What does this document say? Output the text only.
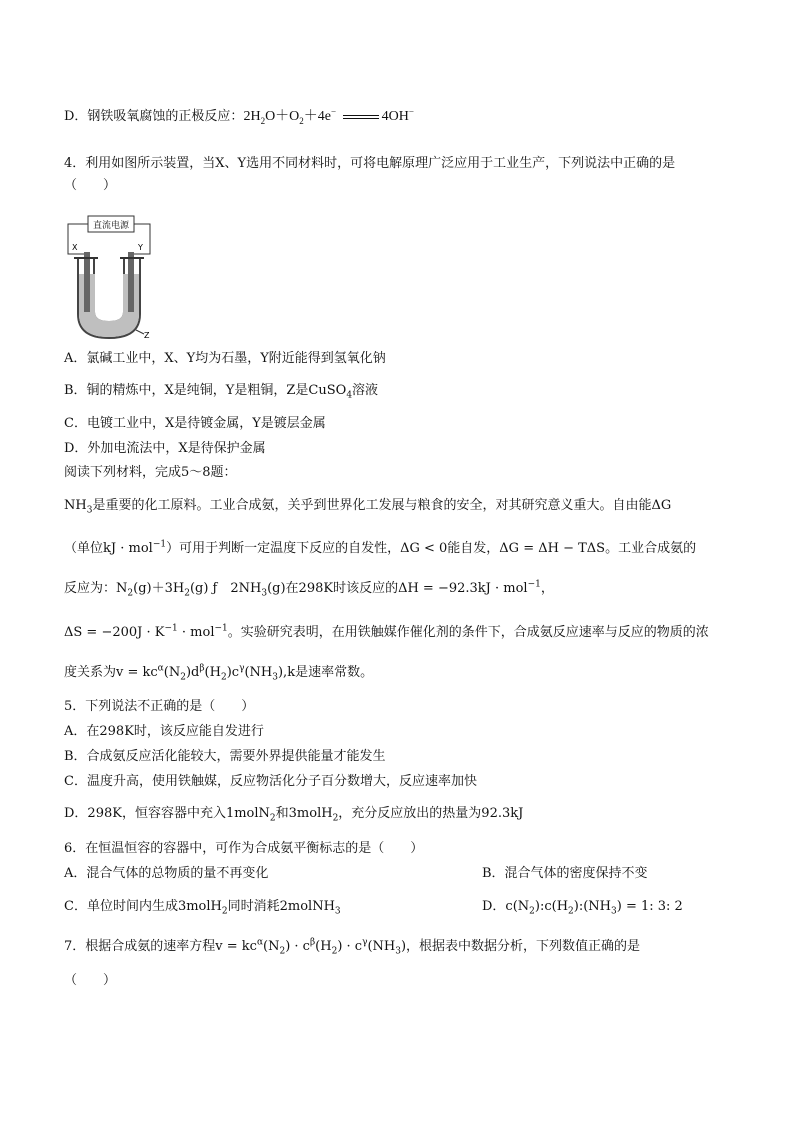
D．钢铁吸氧腐蚀的正极反应：$2H_2O+O_2+4e^-$	4OH−
4．利用如图所示装置，当X、Y选用不同材料时，可将电解原理广泛应用于工业生产，下列说法中正确的是
（　　）
直流电源
X	Y
Z
A．氯碱工业中，X、Y均为石墨，Y附近能得到氢氧化钠
B．铜的精炼中，X是纯铜，Y是粗铜，Z是CuSO$_4$溶液
C．电镀工业中，X是待镀金属，Y是镀层金属
D．外加电流法中，X是待保护金属
阅读下列材料，完成5～8题：
$NH_3$是重要的化工原料。工业合成氨，关乎到世界化工发展与粮食的安全，对其研究意义重大。自由能ΔG
（单位kJ · mol$^{-1}$）可用于判断一定温度下反应的自发性，ΔG < 0能自发，ΔG = ΔH − TΔS。工业合成氨的
反应为：$N_2(g)+3H_2(g)$ ƒ　$2NH_3(g)$在298K时该反应的ΔH = −92.3kJ · mol$^{-1}$，
$\Delta S = -200J \cdot K^{-1} \cdot mol^{-1}$。实验研究表明，在用铁触媒作催化剂的条件下，合成氨反应速率与反应的物质的浓
度关系为$v = kc^\alpha(N_2)d^\beta(H_2)c^\gamma(NH_3),k$是速率常数。
5．下列说法不正确的是（　　）
A．在298K时，该反应能自发进行
B．合成氨反应活化能较大，需要外界提供能量才能发生
C．温度升高，使用铁触媒，反应物活化分子百分数增大，反应速率加快
D．298K，恒容容器中充入1molN$_2$和3molH$_2$，充分反应放出的热量为92.3kJ
6．在恒温恒容的容器中，可作为合成氨平衡标志的是（　　）
A．混合气体的总物质的量不再变化	B．混合气体的密度保持不变
C．单位时间内生成3molH$_2$同时消耗2molNH$_3$	D．$c(N_2):c(H_2):(NH_3) = 1$: 3: 2
7．根据合成氨的速率方程$v = kc^\alpha(N_2) \cdot c^\beta(H_2) \cdot c^\gamma(NH_3)$，根据表中数据分析，下列数值正确的是
（　　）
